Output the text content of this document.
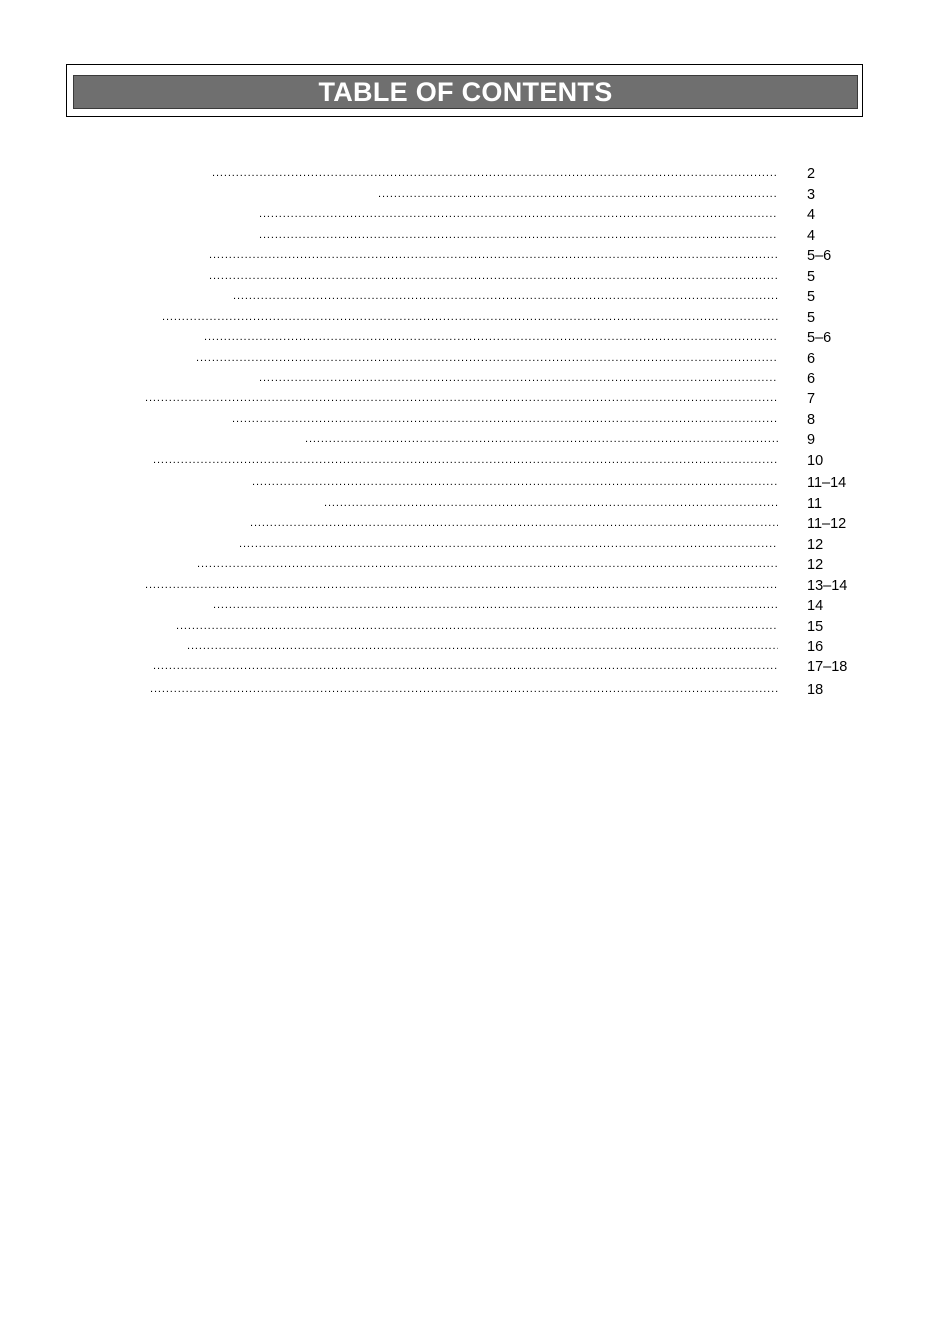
TABLE OF CONTENTS
.....
2
.....
3
.....
4
.....
4
.....
5–6
.....
5
.....
5
.....
5
.....
5–6
.....
6
.....
6
.....
7
.....
8
.....
9
.....
10
.....
11–14
.....
11
.....
11–12
.....
12
.....
12
.....
13–14
.....
14
.....
15
.....
16
.....
17–18
.....
18
